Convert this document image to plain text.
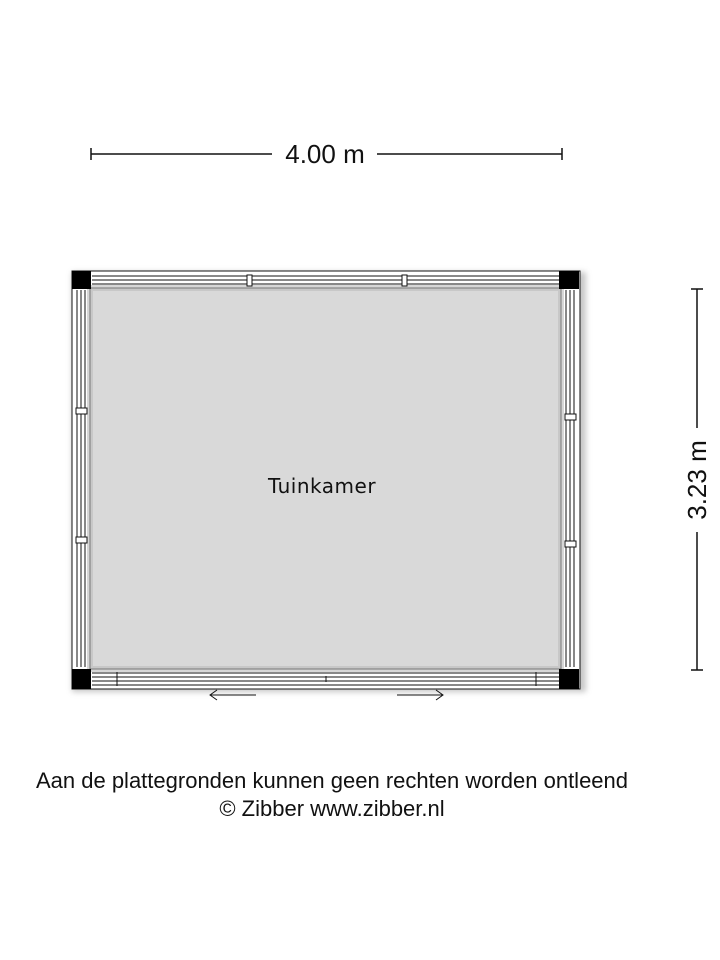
4.00 m
3.23 m
Tuinkamer
Aan de plattegronden kunnen geen rechten worden ontleend
© Zibber www.zibber.nl
